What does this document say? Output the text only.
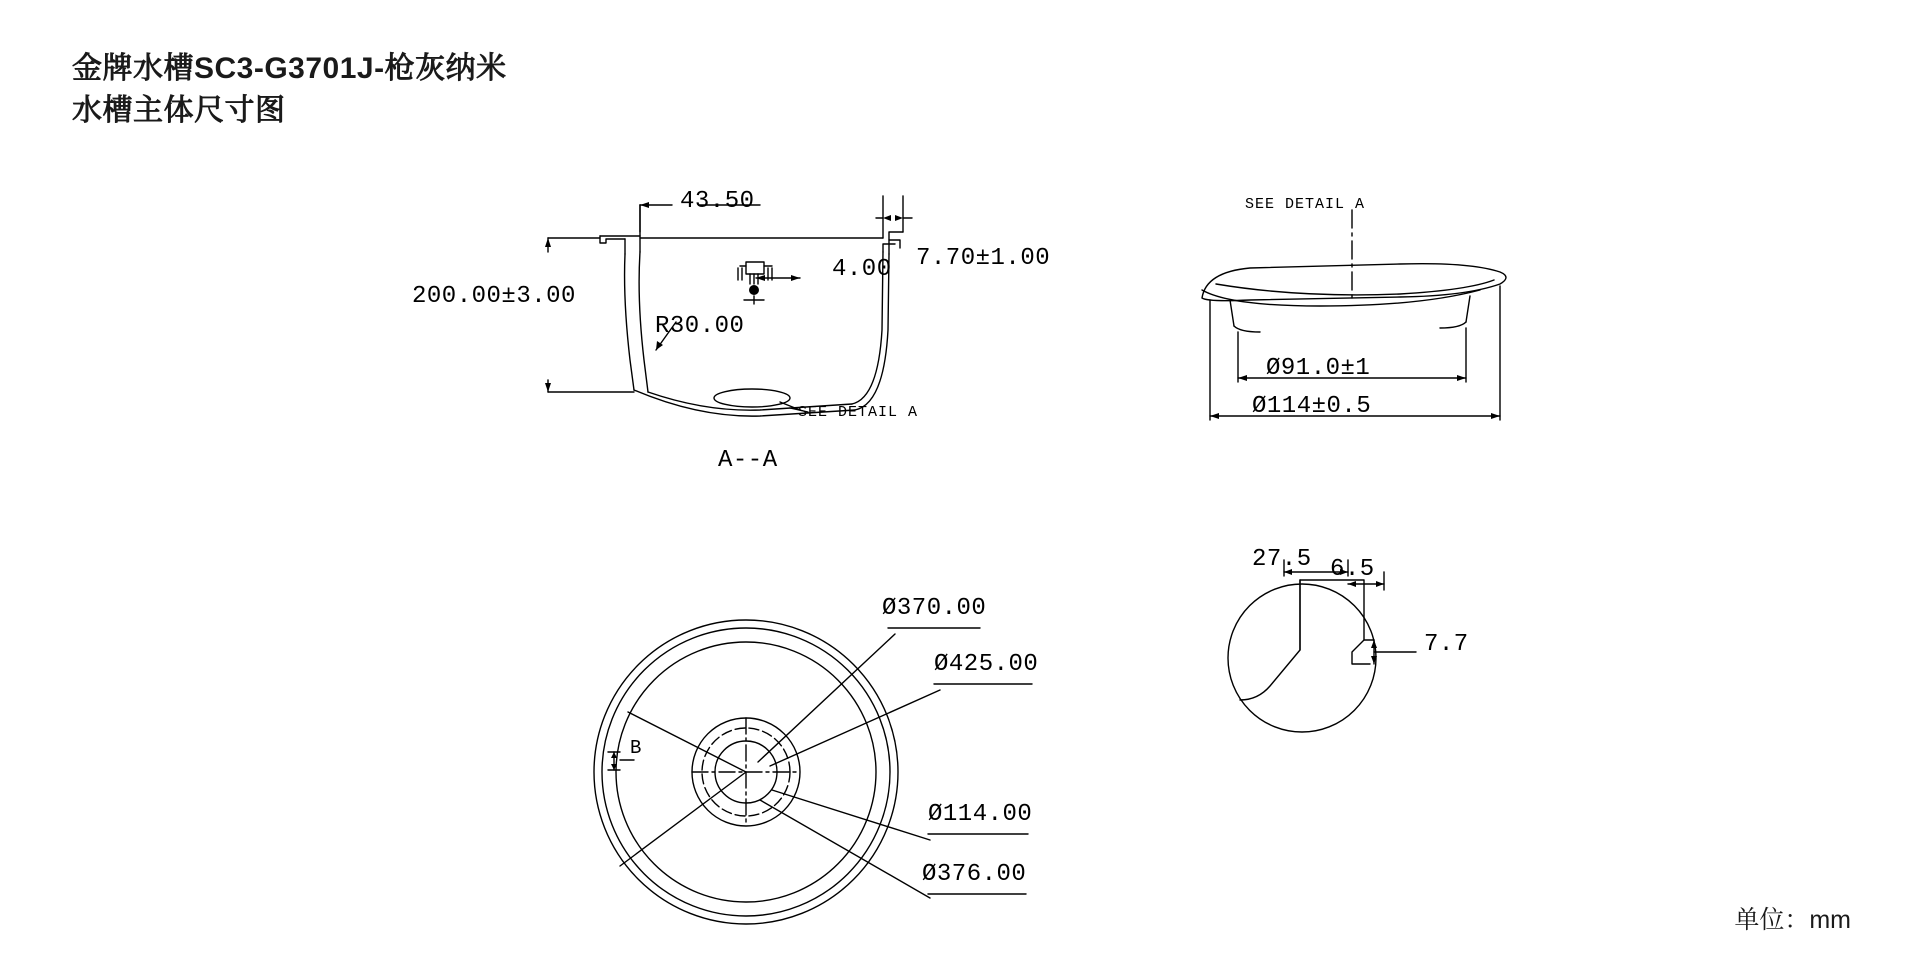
金牌水槽SC3-G3701J-枪灰纳米
水槽主体尺寸图
43.50
4.00 7.70±1.00
200.00±3.00
R30.00
SEE DETAIL A
A--A
SEE DETAIL A
Ø91.0±1
Ø114±0.5
Ø370.00
Ø425.00
Ø114.00
Ø376.00
B
27.5 6.5
7.7
单位：mm
